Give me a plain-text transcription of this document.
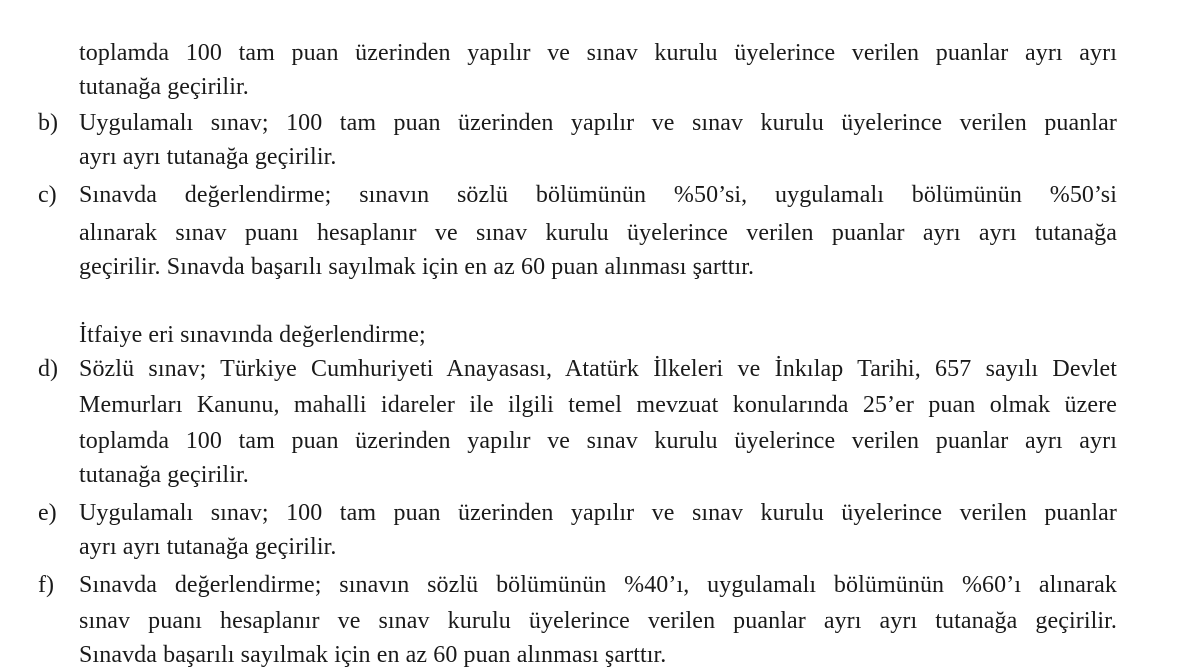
toplamda 100 tam puan üzerinden yapılır ve sınav kurulu üyelerince verilen puanlar ayrı ayrı
tutanağa geçirilir.
b) Uygulamalı sınav; 100 tam puan üzerinden yapılır ve sınav kurulu üyelerince verilen puanlar
ayrı ayrı tutanağa geçirilir.
c) Sınavda değerlendirme; sınavın sözlü bölümünün %50’si, uygulamalı bölümünün %50’si
alınarak sınav puanı hesaplanır ve sınav kurulu üyelerince verilen puanlar ayrı ayrı tutanağa
geçirilir. Sınavda başarılı sayılmak için en az 60 puan alınması şarttır.
İtfaiye eri sınavında değerlendirme;
d) Sözlü sınav; Türkiye Cumhuriyeti Anayasası, Atatürk İlkeleri ve İnkılap Tarihi, 657 sayılı Devlet
Memurları Kanunu, mahalli idareler ile ilgili temel mevzuat konularında 25’er puan olmak üzere
toplamda 100 tam puan üzerinden yapılır ve sınav kurulu üyelerince verilen puanlar ayrı ayrı
tutanağa geçirilir.
e) Uygulamalı sınav; 100 tam puan üzerinden yapılır ve sınav kurulu üyelerince verilen puanlar
ayrı ayrı tutanağa geçirilir.
f) Sınavda değerlendirme; sınavın sözlü bölümünün %40’ı, uygulamalı bölümünün %60’ı alınarak
sınav puanı hesaplanır ve sınav kurulu üyelerince verilen puanlar ayrı ayrı tutanağa geçirilir.
Sınavda başarılı sayılmak için en az 60 puan alınması şarttır.
